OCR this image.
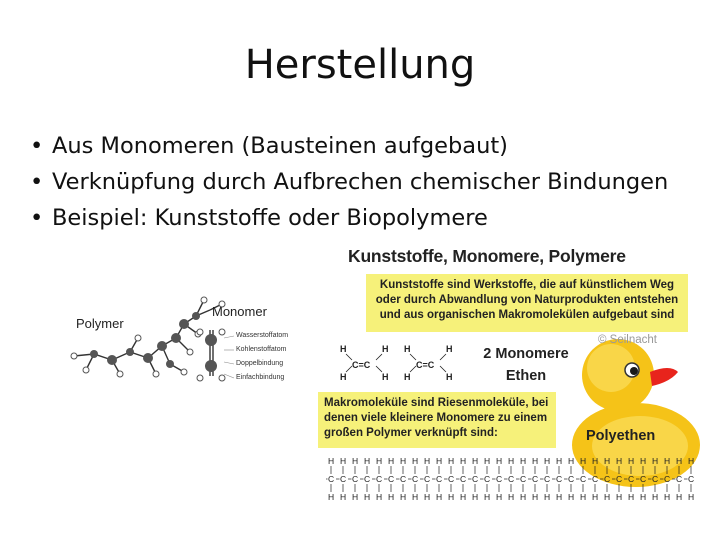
Herstellung
• Aus Monomeren (Bausteinen aufgebaut)
• Verknüpfung durch Aufbrechen chemischer Bindungen
• Beispiel: Kunststoffe oder Biopolymere
Polymer
Monomer
Wasserstoffatom
Kohlenstoffatom
Doppelbindung
Einfachbindung
Kunststoffe, Monomere, Polymere
Kunststoffe sind Werkstoffe, die auf künstlichem Weg oder durch Abwandlung von Naturprodukten entstehen und aus organischen Makromolekülen aufgebaut sind
© Seilnacht
H
H
C=C
H
H
H
H
C=C
H
H
2 Monomere
Ethen
Makromoleküle sind Riesenmoleküle, bei denen viele kleinere Monomere zu einem großen Polymer verknüpft sind:	Polyethen
H
C
H
H
C
H
H
C
H
H
C
H
H
C
H
H
C
H
H
C
H
H
C
H
H
C
H
H
C
H
H
C
H
H
C
H
H
C
H
H
C
H
H
C
H
H
C
H
H
C
H
H
C
H
H
C
H
H
C
H
H
C
H
H
C
H
H
C
H
H
C
H
H
C
H
H
C
H
H
C
H
H
C
H
H
C
H
H
C
H
H
C
H
